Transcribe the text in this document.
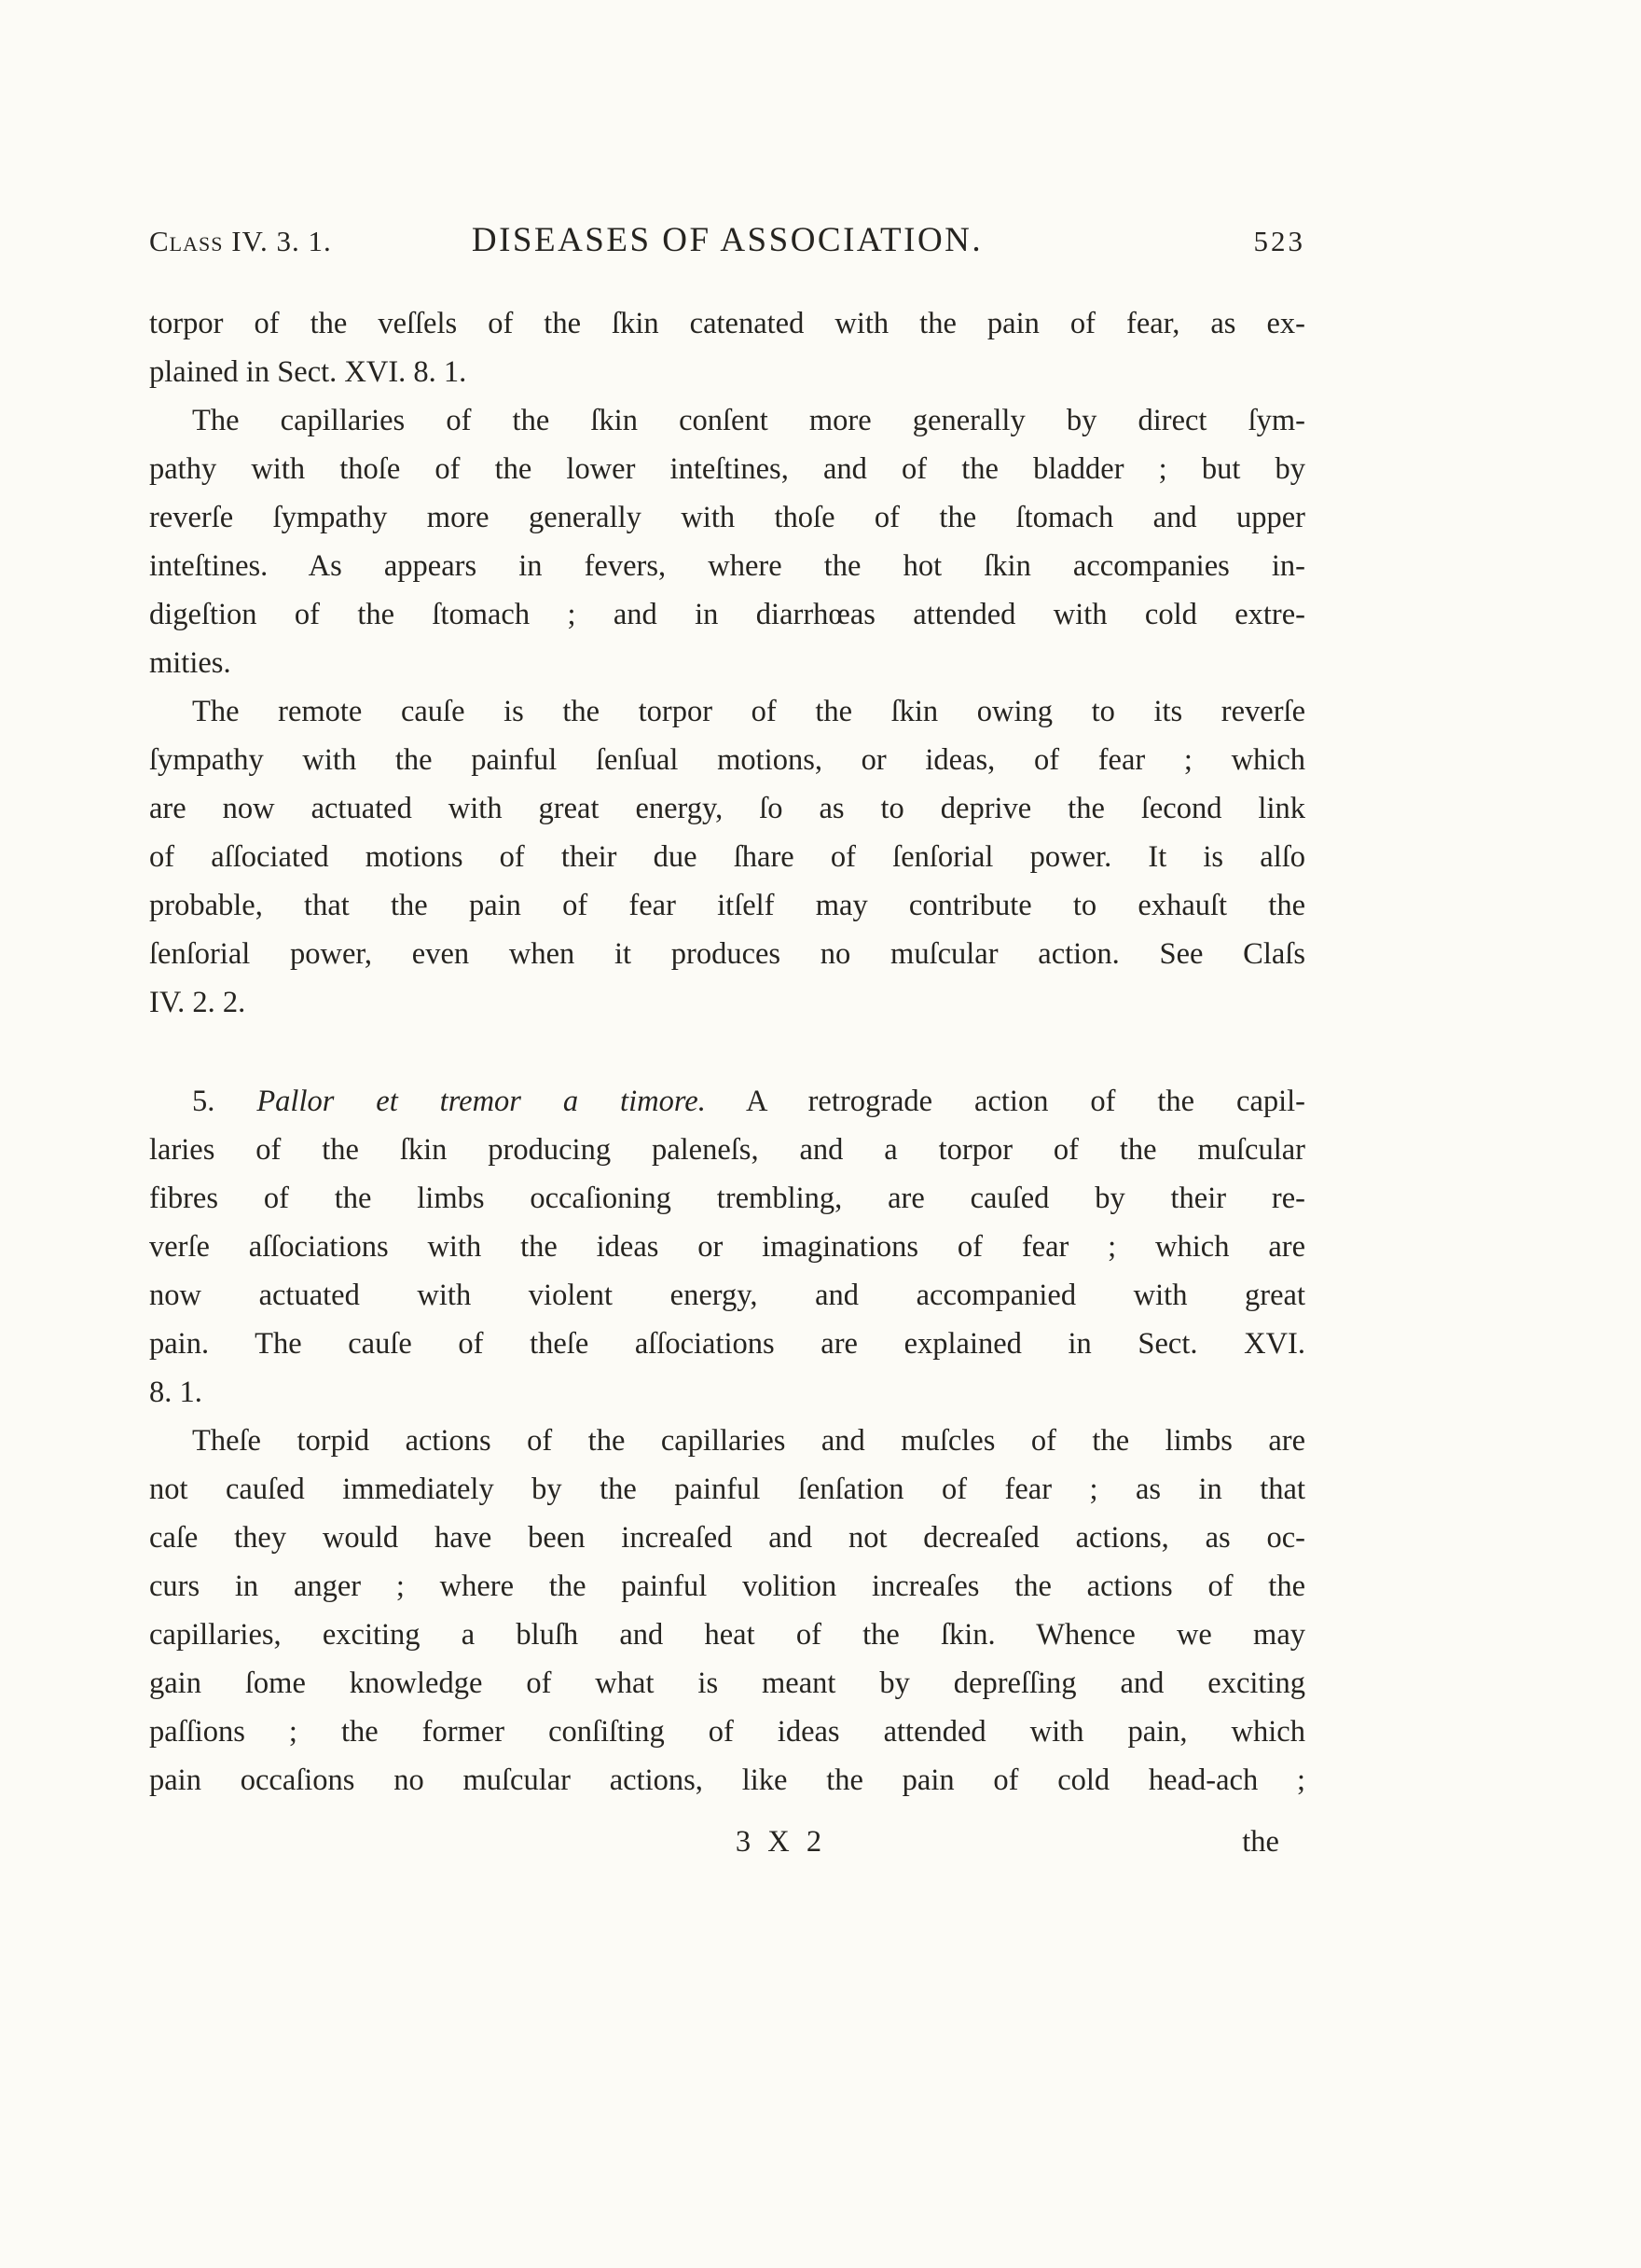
Class IV. 3. 1.	DISEASES OF ASSOCIATION.	523
torpor of the veſſels of the ſkin catenated with the pain of fear, as ex-
plained in Sect. XVI. 8. 1.
The capillaries of the ſkin conſent more generally by direct ſym-
pathy with thoſe of the lower inteſtines, and of the bladder ; but by
reverſe ſympathy more generally with thoſe of the ſtomach and upper
inteſtines. As appears in fevers, where the hot ſkin accompanies in-
digeſtion of the ſtomach ; and in diarrhœas attended with cold extre-
mities.
The remote cauſe is the torpor of the ſkin owing to its reverſe
ſympathy with the painful ſenſual motions, or ideas, of fear ; which
are now actuated with great energy, ſo as to deprive the ſecond link
of aſſociated motions of their due ſhare of ſenſorial power. It is alſo
probable, that the pain of fear itſelf may contribute to exhauſt the
ſenſorial power, even when it produces no muſcular action. See Claſs
IV. 2. 2.
5. Pallor et tremor a timore. A retrograde action of the capil-
laries of the ſkin producing paleneſs, and a torpor of the muſcular
fibres of the limbs occaſioning trembling, are cauſed by their re-
verſe aſſociations with the ideas or imaginations of fear ; which are
now actuated with violent energy, and accompanied with great
pain. The cauſe of theſe aſſociations are explained in Sect. XVI.
8. 1.
Theſe torpid actions of the capillaries and muſcles of the limbs are
not cauſed immediately by the painful ſenſation of fear ; as in that
caſe they would have been increaſed and not decreaſed actions, as oc-
curs in anger ; where the painful volition increaſes the actions of the
capillaries, exciting a bluſh and heat of the ſkin. Whence we may
gain ſome knowledge of what is meant by depreſſing and exciting
paſſions ; the former conſiſting of ideas attended with pain, which
pain occaſions no muſcular actions, like the pain of cold head-ach ;
3 X 2	the
